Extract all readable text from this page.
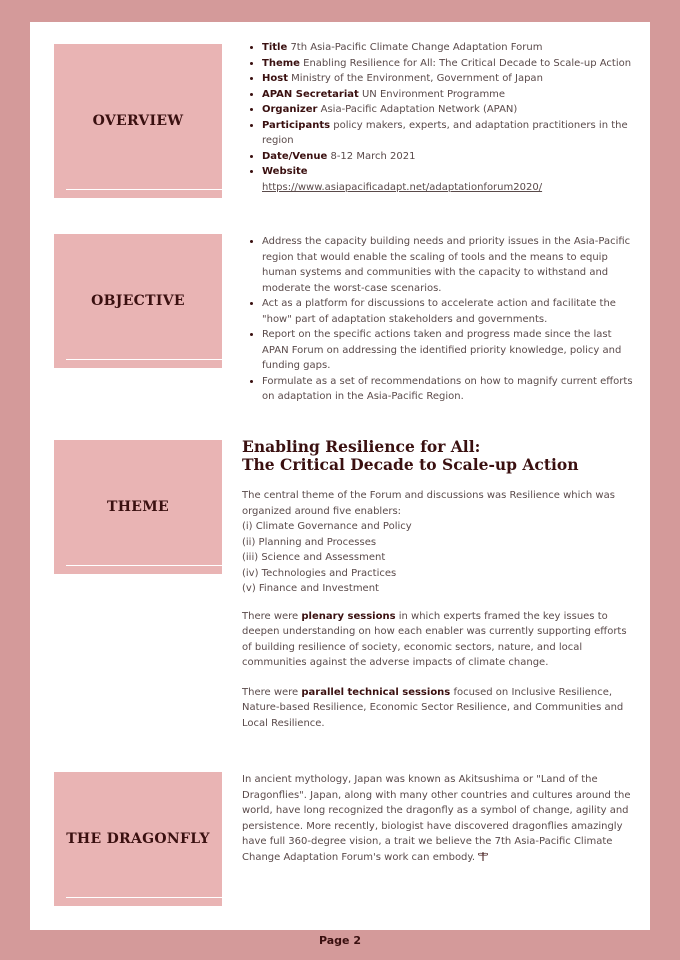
OVERVIEW
• Title 7th Asia-Pacific Climate Change Adaptation Forum
• Theme Enabling Resilience for All: The Critical Decade to Scale-up Action
• Host Ministry of the Environment, Government of Japan
• APAN Secretariat UN Environment Programme
• Organizer Asia-Pacific Adaptation Network (APAN)
• Participants policy makers, experts, and adaptation practitioners in the region
• Date/Venue 8-12 March 2021
• Website
https://www.asiapacificadapt.net/adaptationforum2020/
OBJECTIVE
• Address the capacity building needs and priority issues in the Asia-Pacific region that would enable the scaling of tools and the means to equip human systems and communities with the capacity to withstand and moderate the worst-case scenarios.
• Act as a platform for discussions to accelerate action and facilitate the "how" part of adaptation stakeholders and governments.
• Report on the specific actions taken and progress made since the last APAN Forum on addressing the identified priority knowledge, policy and funding gaps.
• Formulate as a set of recommendations on how to magnify current efforts on adaptation in the Asia-Pacific Region.
THEME
Enabling Resilience for All:
The Critical Decade to Scale-up Action

The central theme of the Forum and discussions was Resilience which was organized around five enablers:

(i) Climate Governance and Policy
(ii) Planning and Processes
(iii) Science and Assessment
(iv) Technologies and Practices
(v) Finance and Investment

There were plenary sessions in which experts framed the key issues to deepen understanding on how each enabler was currently supporting efforts of building resilience of society, economic sectors, nature, and local communities against the adverse impacts of climate change.

There were parallel technical sessions focused on Inclusive Resilience, Nature-based Resilience, Economic Sector Resilience, and Communities and Local Resilience.

THE DRAGONFLY

In ancient mythology, Japan was known as Akitsushima or "Land of the Dragonflies". Japan, along with many other countries and cultures around the world, have long recognized the dragonfly as a symbol of change, agility and persistence. More recently, biologist have discovered dragonflies amazingly have full 360-degree vision, a trait we believe the 7th Asia-Pacific Climate Change Adaptation Forum's work can embody.

Page 2
